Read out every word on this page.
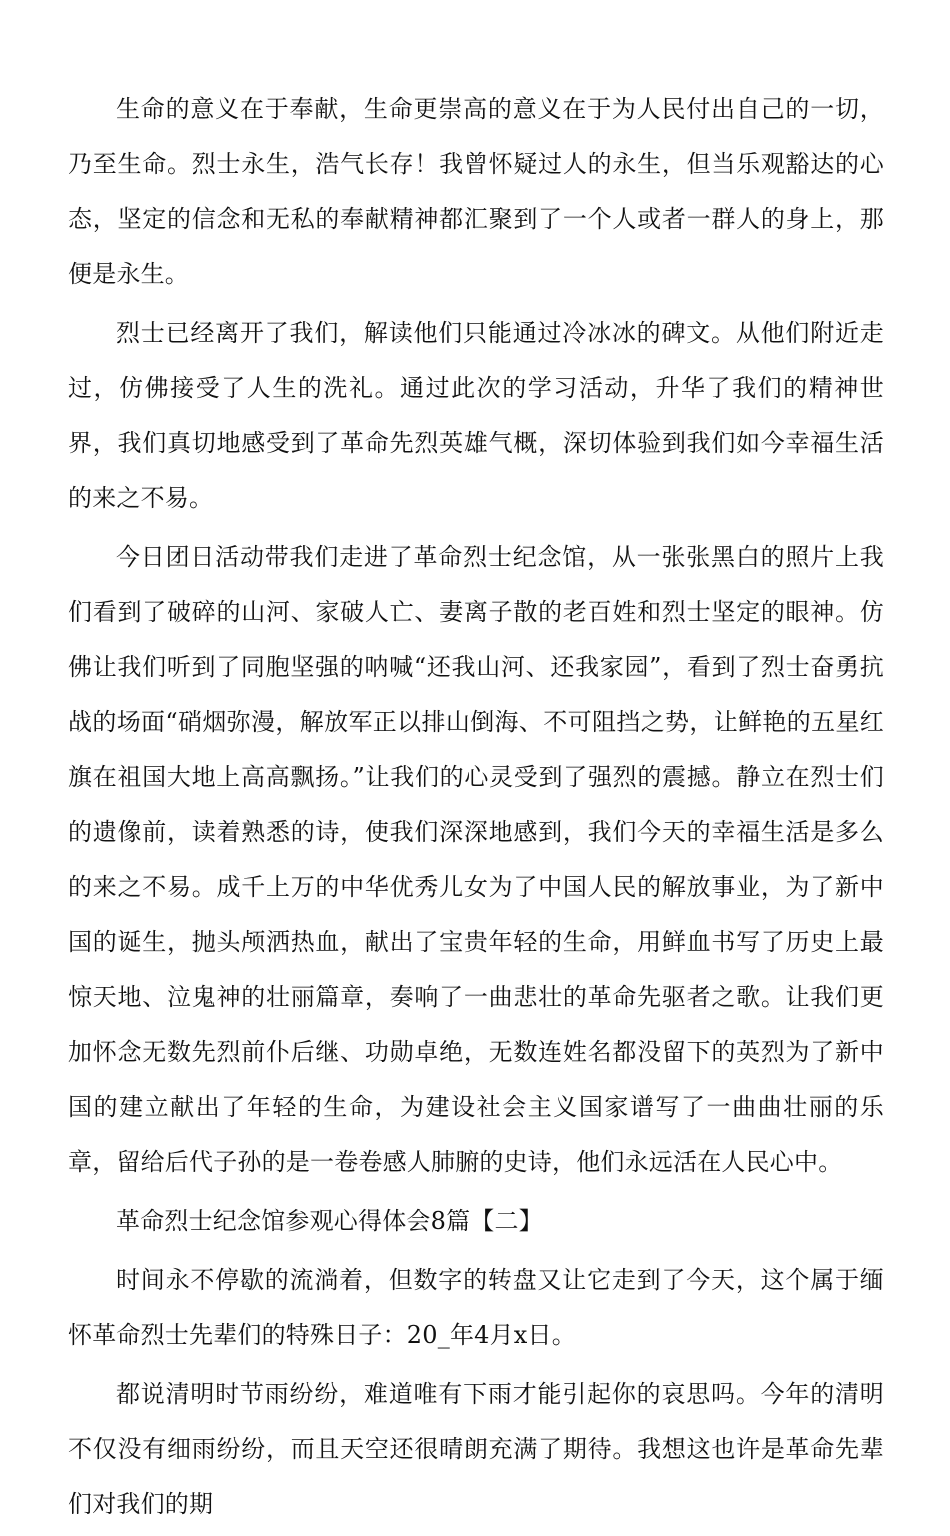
生命的意义在于奉献，生命更崇高的意义在于为人民付出自己的一切，乃至生命。烈士永生，浩气长存！我曾怀疑过人的永生，但当乐观豁达的心态，坚定的信念和无私的奉献精神都汇聚到了一个人或者一群人的身上，那便是永生。

烈士已经离开了我们，解读他们只能通过冷冰冰的碑文。从他们附近走过，仿佛接受了人生的洗礼。通过此次的学习活动，升华了我们的精神世界，我们真切地感受到了革命先烈英雄气概，深切体验到我们如今幸福生活的来之不易。

今日团日活动带我们走进了革命烈士纪念馆，从一张张黑白的照片上我们看到了破碎的山河、家破人亡、妻离子散的老百姓和烈士坚定的眼神。仿佛让我们听到了同胞坚强的呐喊“还我山河、还我家园”，看到了烈士奋勇抗战的场面“硝烟弥漫，解放军正以排山倒海、不可阻挡之势，让鲜艳的五星红旗在祖国大地上高高飘扬。”让我们的心灵受到了强烈的震撼。静立在烈士们的遗像前，读着熟悉的诗，使我们深深地感到，我们今天的幸福生活是多么的来之不易。成千上万的中华优秀儿女为了中国人民的解放事业，为了新中国的诞生，抛头颅洒热血，献出了宝贵年轻的生命，用鲜血书写了历史上最惊天地、泣鬼神的壮丽篇章，奏响了一曲悲壮的革命先驱者之歌。让我们更加怀念无数先烈前仆后继、功勋卓绝，无数连姓名都没留下的英烈为了新中国的建立献出了年轻的生命，为建设社会主义国家谱写了一曲曲壮丽的乐章，留给后代子孙的是一卷卷感人肺腑的史诗，他们永远活在人民心中。

革命烈士纪念馆参观心得体会8篇【二】

时间永不停歇的流淌着，但数字的转盘又让它走到了今天，这个属于缅怀革命烈士先辈们的特殊日子：20_年4月x日。

都说清明时节雨纷纷，难道唯有下雨才能引起你的哀思吗。今年的清明不仅没有细雨纷纷，而且天空还很晴朗充满了期待。我想这也许是革命先辈们对我们的期
